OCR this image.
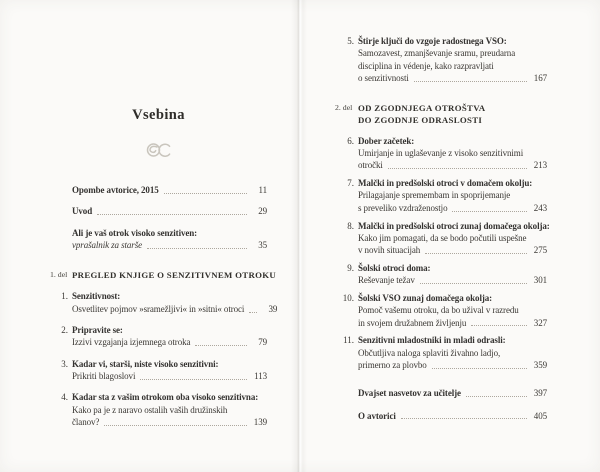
Vsebina
Opombe avtorice, 2015	11
Uvod	29
Ali je vaš otrok visoko senzitiven:
vprašalnik za starše	35
1. del PREGLED KNJIGE O SENZITIVNEM OTROKU
1. Senzitivnost:
Osvetlitev pojmov »sramežljivi« in »sitni« otroci	39
2. Pripravite se:
Izzivi vzgajanja izjemnega otroka	79
3. Kadar vi, starši, niste visoko senzitivni:
Prikriti blagoslovi	113
4. Kadar sta z vašim otrokom oba visoko senzitivna:
Kako pa je z naravo ostalih vaših družinskih
članov?	139
5. Štirje ključi do vzgoje radostnega VSO:
Samozavest, zmanjševanje sramu, preudarna
disciplina in védenje, kako razpravljati
o senzitivnosti	167
2. del OD ZGODNJEGA OTROŠTVA
DO ZGODNJE ODRASLOSTI
6. Dober začetek:
Umirjanje in uglaševanje z visoko senzitivnimi
otročki	213
7. Malčki in predšolski otroci v domačem okolju:
Prilagajanje spremembam in spoprijemanje
s preveliko vzdraženostjo	243
8. Malčki in predšolski otroci zunaj domačega okolja:
Kako jim pomagati, da se bodo počutili uspešne
v novih situacijah	275
9. Šolski otroci doma:
Reševanje težav	301
10. Šolski VSO zunaj domačega okolja:
Pomoč vašemu otroku, da bo užival v razredu
in svojem družabnem življenju	327
11. Senzitivni mladostniki in mladi odrasli:
Občutljiva naloga splaviti živahno ladjo,
primerno za plovbo	359
Dvajset nasvetov za učitelje	397
O avtorici	405
